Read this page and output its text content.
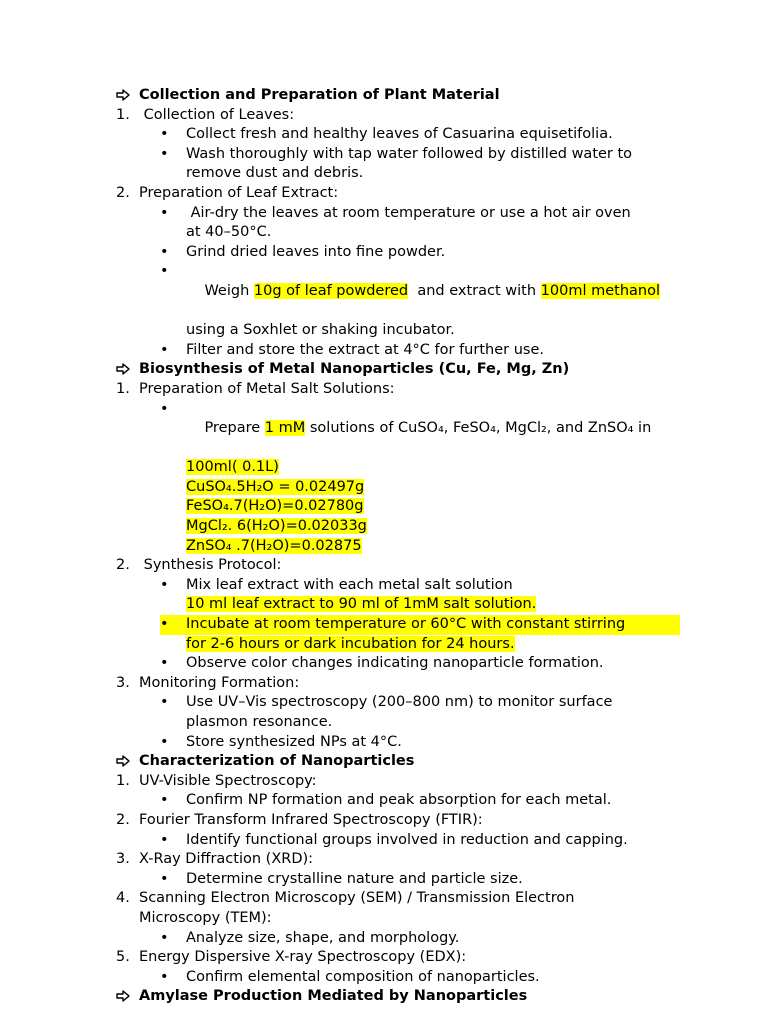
Collection and Preparation of Plant Material
1. Collection of Leaves:
• Collect fresh and healthy leaves of Casuarina equisetifolia.
• Wash thoroughly with tap water followed by distilled water to
remove dust and debris.
2. Preparation of Leaf Extract:
• Air-dry the leaves at room temperature or use a hot air oven
at 40–50°C.
• Grind dried leaves into fine powder.

•
Weigh 10g of leaf powdered  and extract with 100ml methanol

using a Soxhlet or shaking incubator.
• Filter and store the extract at 4°C for further use.
Biosynthesis of Metal Nanoparticles (Cu, Fe, Mg, Zn)
1. Preparation of Metal Salt Solutions:

•
Prepare 1 mM solutions of CuSO₄, FeSO₄, MgCl₂, and ZnSO₄ in

100ml( 0.1L)
CuSO₄.5H₂O = 0.02497g
FeSO₄.7(H₂O)=0.02780g
MgCl₂. 6(H₂O)=0.02033g
ZnSO₄ .7(H₂O)=0.02875
2. Synthesis Protocol:
• Mix leaf extract with each metal salt solution
10 ml leaf extract to 90 ml of 1mM salt solution.
• Incubate at room temperature or 60°C with constant stirring
for 2-6 hours or dark incubation for 24 hours.
• Observe color changes indicating nanoparticle formation.
3. Monitoring Formation:
• Use UV–Vis spectroscopy (200–800 nm) to monitor surface
plasmon resonance.
• Store synthesized NPs at 4°C.
Characterization of Nanoparticles
1. UV-Visible Spectroscopy:
• Confirm NP formation and peak absorption for each metal.
2. Fourier Transform Infrared Spectroscopy (FTIR):
• Identify functional groups involved in reduction and capping.
3. X-Ray Diffraction (XRD):
• Determine crystalline nature and particle size.
4. Scanning Electron Microscopy (SEM) / Transmission Electron
Microscopy (TEM):
• Analyze size, shape, and morphology.
5. Energy Dispersive X-ray Spectroscopy (EDX):
• Confirm elemental composition of nanoparticles.
Amylase Production Mediated by Nanoparticles
